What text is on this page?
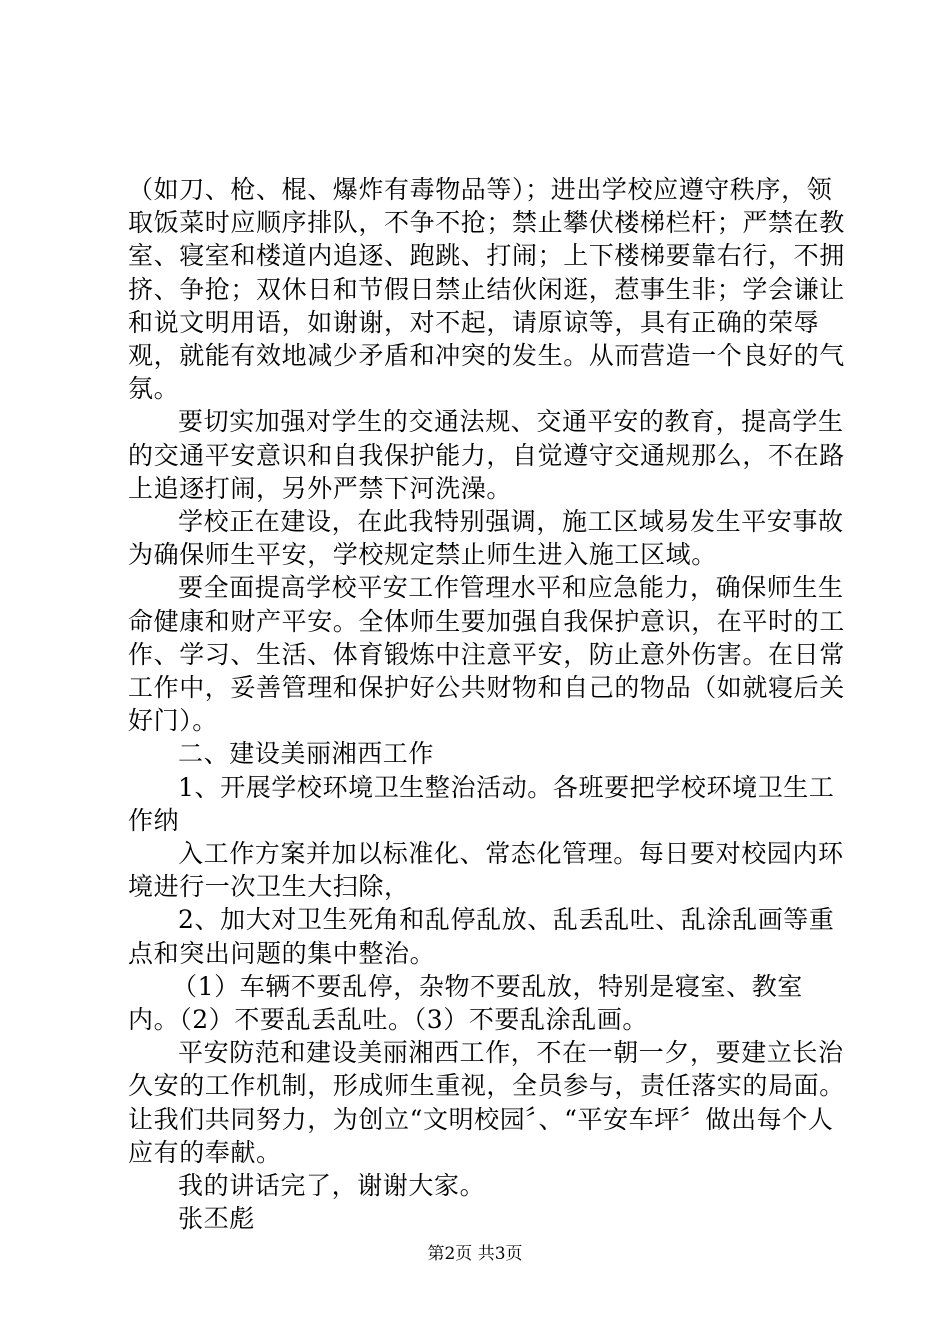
（如刀、枪、棍、爆炸有毒物品等）；进出学校应遵守秩序，领取饭菜时应顺序排队，不争不抢；禁止攀伏楼梯栏杆；严禁在教室、寝室和楼道内追逐、跑跳、打闹；上下楼梯要靠右行，不拥挤、争抢；双休日和节假日禁止结伙闲逛，惹事生非；学会谦让和说文明用语，如谢谢，对不起，请原谅等，具有正确的荣辱观，就能有效地减少矛盾和冲突的发生。从而营造一个良好的气氛。

要切实加强对学生的交通法规、交通平安的教育，提高学生的交通平安意识和自我保护能力，自觉遵守交通规那么，不在路上追逐打闹，另外严禁下河洗澡。

学校正在建设，在此我特别强调，施工区域易发生平安事故为确保师生平安，学校规定禁止师生进入施工区域。

要全面提高学校平安工作管理水平和应急能力，确保师生生命健康和财产平安。全体师生要加强自我保护意识，在平时的工作、学习、生活、体育锻炼中注意平安，防止意外伤害。在日常工作中，妥善管理和保护好公共财物和自己的物品（如就寝后关好门）。

二、建设美丽湘西工作

1、开展学校环境卫生整治活动。各班要把学校环境卫生工作纳

入工作方案并加以标准化、常态化管理。每日要对校园内环境进行一次卫生大扫除，

2、加大对卫生死角和乱停乱放、乱丢乱吐、乱涂乱画等重点和突出问题的集中整治。

（1）车辆不要乱停，杂物不要乱放，特别是寝室、教室内。（2）不要乱丢乱吐。（3）不要乱涂乱画。

平安防范和建设美丽湘西工作，不在一朝一夕，要建立长治久安的工作机制，形成师生重视，全员参与，责任落实的局面。让我们共同努力，为创立“文明校园〞、“平安车坪〞做出每个人应有的奉献。

我的讲话完了，谢谢大家。

张丕彪

第2页 共3页
